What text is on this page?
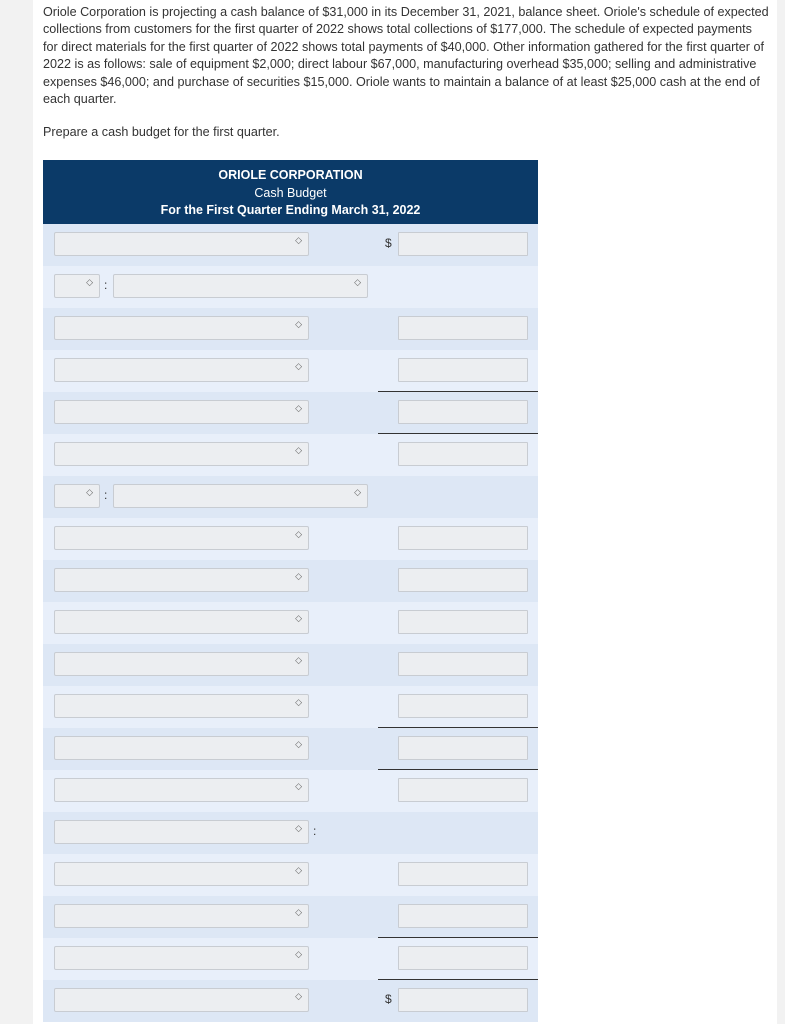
Oriole Corporation is projecting a cash balance of $31,000 in its December 31, 2021, balance sheet. Oriole's schedule of expected collections from customers for the first quarter of 2022 shows total collections of $177,000. The schedule of expected payments for direct materials for the first quarter of 2022 shows total payments of $40,000. Other information gathered for the first quarter of 2022 is as follows: sale of equipment $2,000; direct labour $67,000, manufacturing overhead $35,000; selling and administrative expenses $46,000; and purchase of securities $15,000. Oriole wants to maintain a balance of at least $25,000 cash at the end of each quarter.
Prepare a cash budget for the first quarter.
ORIOLE CORPORATION
Cash Budget
For the First Quarter Ending March 31, 2022
◇	$
◇ :	◇
◇
◇
◇
◇
◇ :	◇
◇
◇
◇
◇
◇
◇
◇
◇ :
◇
◇
◇
◇	$
